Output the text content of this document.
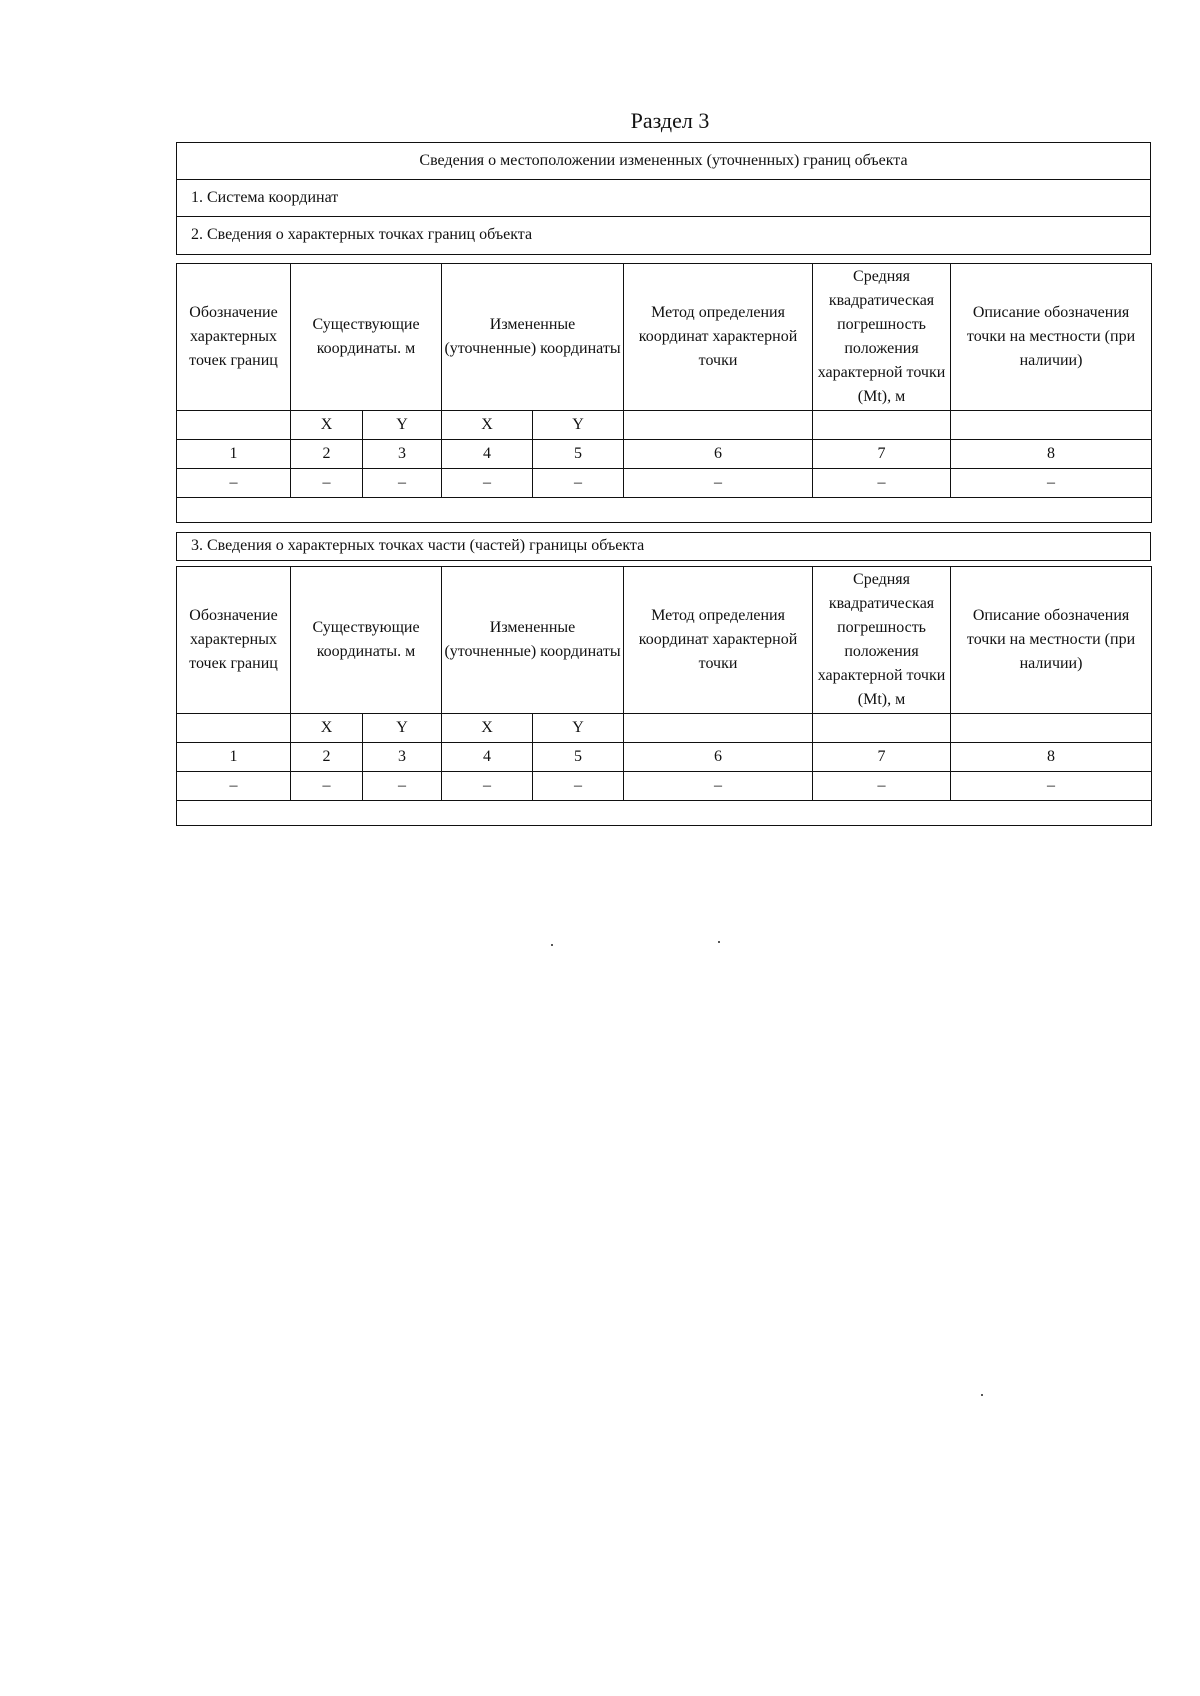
Раздел 3
Сведения о местоположении измененных (уточненных) границ объекта
1. Система координат
2. Сведения о характерных точках границ объекта
Обозначение характерных точек границ	Существующие координаты. м		Измененные (уточненные) координаты		Метод определения координат характерной точки	Средняя квадратическая погрешность положения характерной точки (Mt), м	Описание обозначения точки на местности (при наличии)
	X	Y	X	Y			
1	2	3	4	5	6	7	8
–	–	–	–	–	–	–	–

3. Сведения о характерных точках части (частей) границы объекта
Обозначение характерных точек границ	Существующие координаты. м		Измененные (уточненные) координаты		Метод определения координат характерной точки	Средняя квадратическая погрешность положения характерной точки (Mt), м	Описание обозначения точки на местности (при наличии)
	X	Y	X	Y			
1	2	3	4	5	6	7	8
–	–	–	–	–	–	–	–
